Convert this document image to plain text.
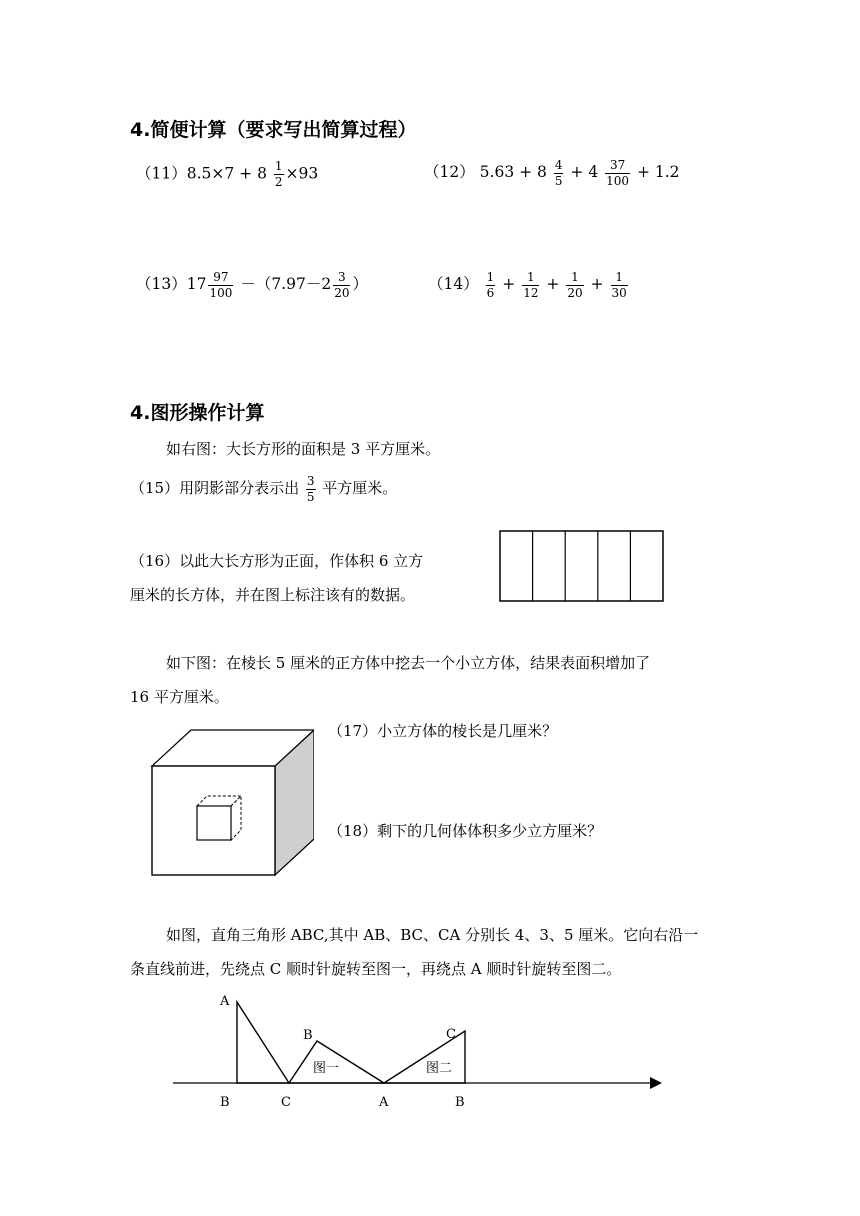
4.简便计算（要求写出简算过程）
$(11)8.5\times 7 + 8 \frac{1}{2} \times 93$	（12） $5.63 + 8 \frac{4}{5} + 4 \frac{37}{100} + 1.2$
$(13)17 \frac{97}{100} -(7.97-2 \frac{3}{20}$ ）	$(14) \frac{1}{6} + \frac{1}{12} + \frac{1}{20} + \frac{1}{30}$
4.图形操作计算
如右图：大长方形的面积是 3 平方厘米。
（15）用阴影部分表示出 $\frac{3}{5}$ 平方厘米。
（16）以此大长方形为正面，作体积 6 立方
厘米的长方体，并在图上标注该有的数据。
如下图：在棱长 5 厘米的正方体中挖去一个小立方体，结果表面积增加了
16 平方厘米。
（17）小立方体的棱长是几厘米？
（18）剩下的几何体体积多少立方厘米？
如图，直角三角形 ABC,其中 AB、BC、CA 分别长 4、3、5 厘米。它向右沿一
条直线前进，先绕点 C 顺时针旋转至图一，再绕点 A 顺时针旋转至图二。
A
B	C
图一	图二
B	C	A	B
